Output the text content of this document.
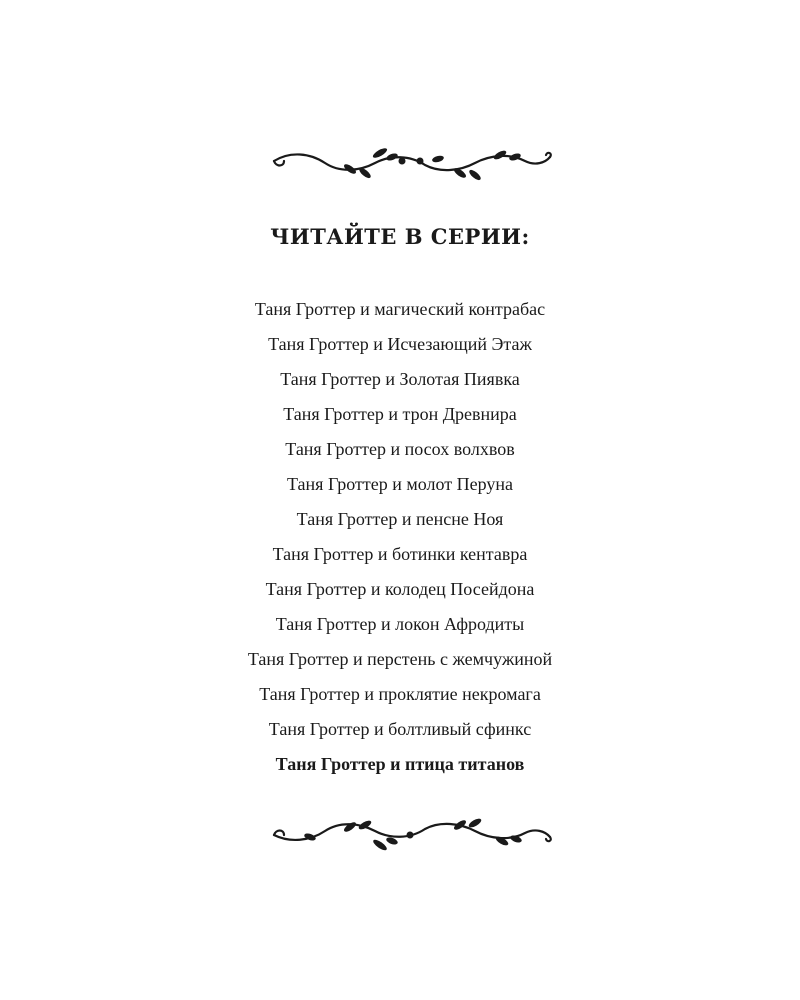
ЧИТАЙТЕ В СЕРИИ:
Таня Гроттер и магический контрабас
Таня Гроттер и Исчезающий Этаж
Таня Гроттер и Золотая Пиявка
Таня Гроттер и трон Древнира
Таня Гроттер и посох волхвов
Таня Гроттер и молот Перуна
Таня Гроттер и пенсне Ноя
Таня Гроттер и ботинки кентавра
Таня Гроттер и колодец Посейдона
Таня Гроттер и локон Афродиты
Таня Гроттер и перстень с жемчужиной
Таня Гроттер и проклятие некромага
Таня Гроттер и болтливый сфинкс
Таня Гроттер и птица титанов
